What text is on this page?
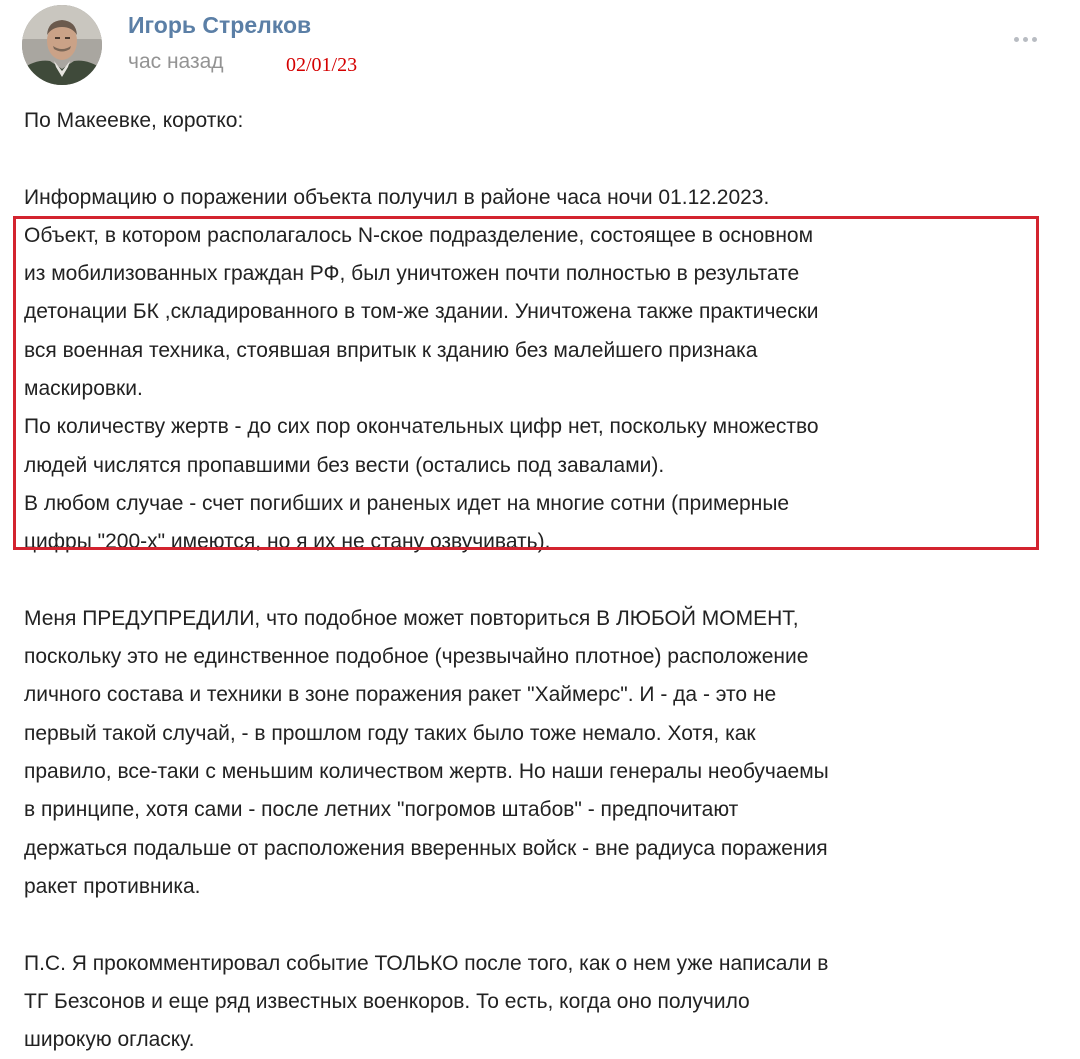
Игорь Стрелков
час назад	02/01/23

По Макеевке, коротко:

Информацию о поражении объекта получил в районе часа ночи 01.12.2023.

Объект, в котором располагалось N-ское подразделение, состоящее в основном

из мобилизованных граждан РФ, был уничтожен почти полностью в результате

детонации БК ,складированного в том-же здании. Уничтожена также практически

вся военная техника, стоявшая впритык к зданию без малейшего признака

маскировки.

По количеству жертв - до сих пор окончательных цифр нет, поскольку множество

людей числятся пропавшими без вести (остались под завалами).

В любом случае - счет погибших и раненых идет на многие сотни (примерные

цифры "200-х" имеются, но я их не стану озвучивать).

Меня ПРЕДУПРЕДИЛИ, что подобное может повториться В ЛЮБОЙ МОМЕНТ,

поскольку это не единственное подобное (чрезвычайно плотное) расположение

личного состава и техники в зоне поражения ракет "Хаймерс". И - да - это не

первый такой случай, - в прошлом году таких было тоже немало. Хотя, как

правило, все-таки с меньшим количеством жертв. Но наши генералы необучаемы

в принципе, хотя сами - после летних "погромов штабов" - предпочитают

держаться подальше от расположения вверенных войск - вне радиуса поражения

ракет противника.

П.С. Я прокомментировал событие ТОЛЬКО после того, как о нем уже написали в

ТГ Безсонов и еще ряд известных военкоров. То есть, когда оно получило

широкую огласку.
